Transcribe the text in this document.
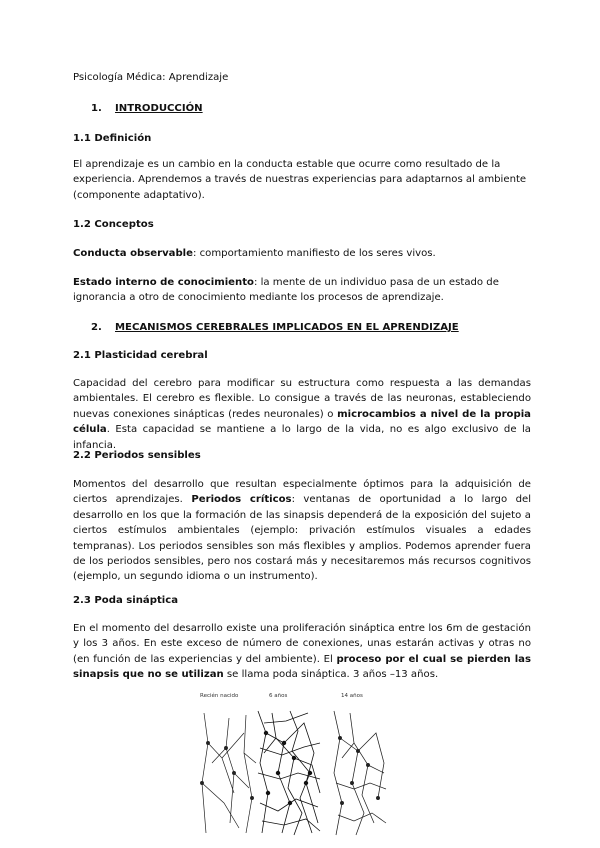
Psicología Médica: Aprendizaje
1. INTRODUCCIÓN
1.1 Definición

El aprendizaje es un cambio en la conducta estable que ocurre como resultado de la experiencia. Aprendemos a través de nuestras experiencias para adaptarnos al ambiente (componente adaptativo).

1.2 Conceptos

Conducta observable: comportamiento manifiesto de los seres vivos.

Estado interno de conocimiento: la mente de un individuo pasa de un estado de ignorancia a otro de conocimiento mediante los procesos de aprendizaje.

2. MECANISMOS CEREBRALES IMPLICADOS EN EL APRENDIZAJE
2.1 Plasticidad cerebral

Capacidad del cerebro para modificar su estructura como respuesta a las demandas ambientales. El cerebro es flexible. Lo consigue a través de las neuronas, estableciendo nuevas conexiones sinápticas (redes neuronales) o microcambios a nivel de la propia célula. Esta capacidad se mantiene a lo largo de la vida, no es algo exclusivo de la infancia.

2.2 Periodos sensibles

Momentos del desarrollo que resultan especialmente óptimos para la adquisición de ciertos aprendizajes. Periodos críticos: ventanas de oportunidad a lo largo del desarrollo en los que la formación de las sinapsis dependerá de la exposición del sujeto a ciertos estímulos ambientales (ejemplo: privación estímulos visuales a edades tempranas). Los periodos sensibles son más flexibles y amplios. Podemos aprender fuera de los periodos sensibles, pero nos costará más y necesitaremos más recursos cognitivos (ejemplo, un segundo idioma o un instrumento).

2.3 Poda sináptica

En el momento del desarrollo existe una proliferación sináptica entre los 6m de gestación y los 3 años. En este exceso de número de conexiones, unas estarán activas y otras no (en función de las experiencias y del ambiente). El proceso por el cual se pierden las sinapsis que no se utilizan se llama poda sináptica. 3 años –13 años.

Recién nacido	6 años	14 años
